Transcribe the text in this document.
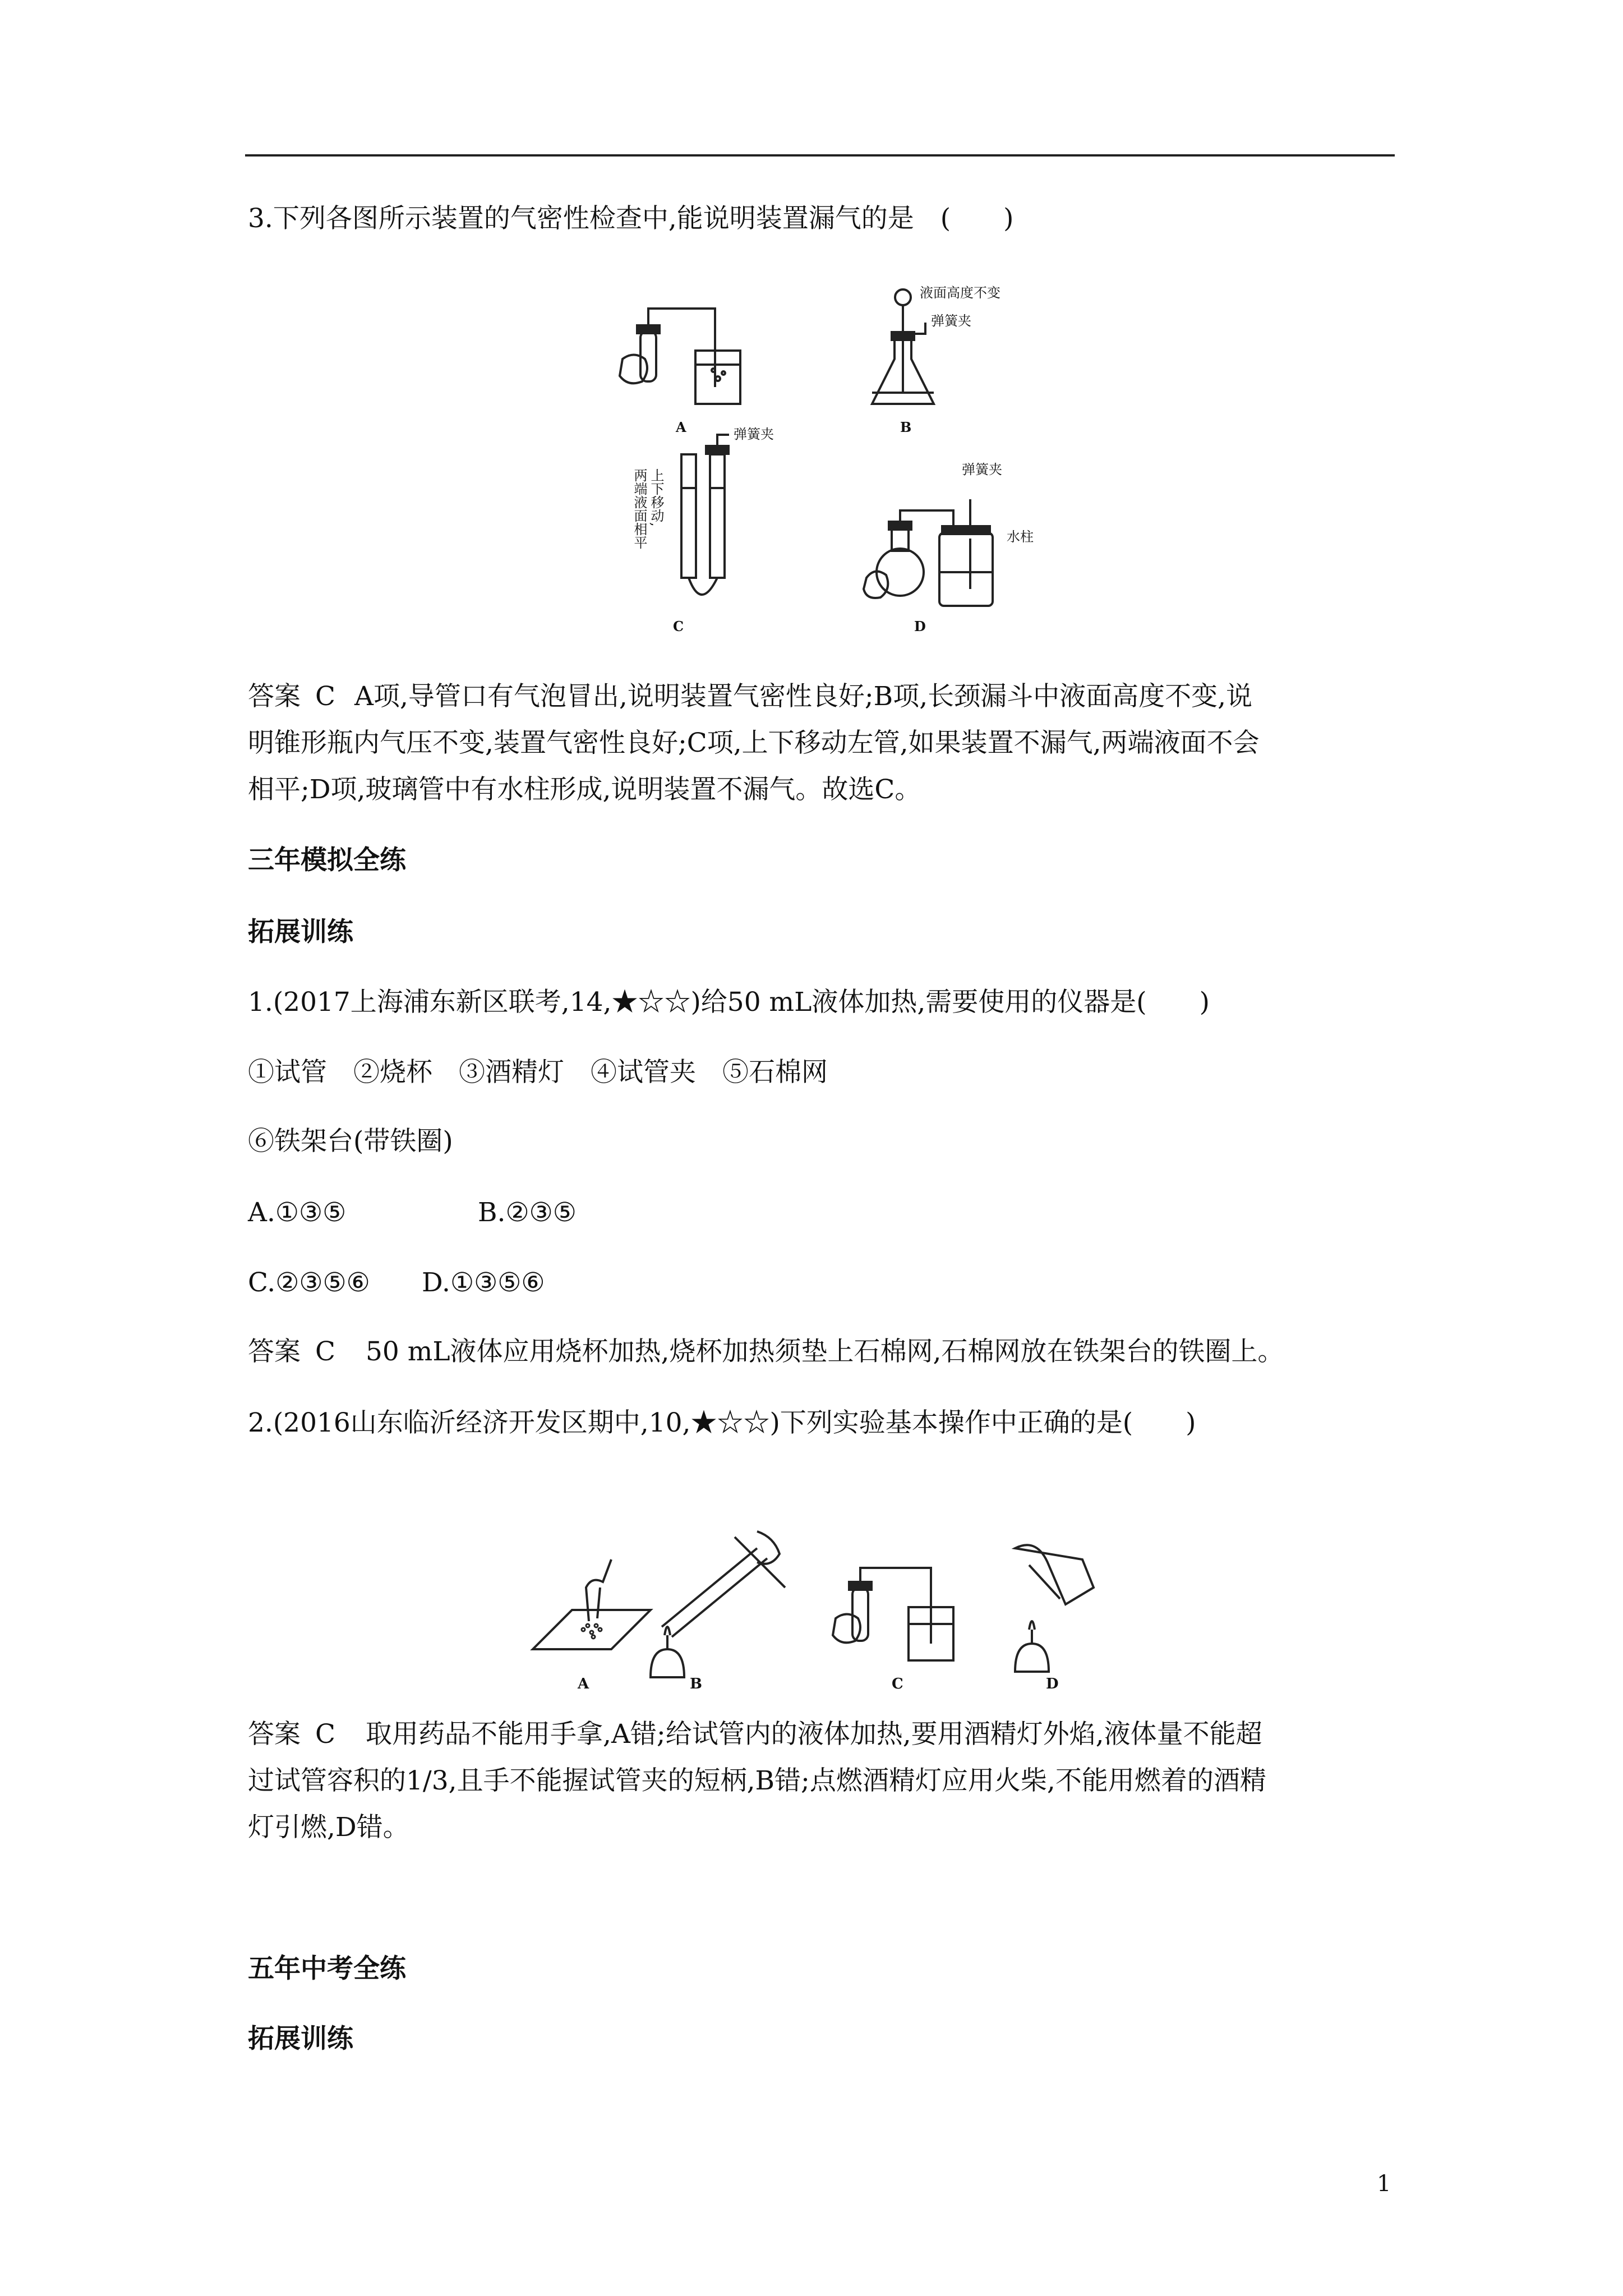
3.下列各图所示装置的气密性检查中,能说明装置漏气的是　(　　)
A	B
C	D
液面高度不变
弹簧夹
弹簧夹
上下移动,
两端液面相平	弹簧夹
水柱
答案 C A项,导管口有气泡冒出,说明装置气密性良好;B项,长颈漏斗中液面高度不变,说
明锥形瓶内气压不变,装置气密性良好;C项,上下移动左管,如果装置不漏气,两端液面不会
相平;D项,玻璃管中有水柱形成,说明装置不漏气。故选C。
三年模拟全练
拓展训练
1.(2017上海浦东新区联考,14,★☆☆)给50 mL液体加热,需要使用的仪器是(　　)
①试管　②烧杯　③酒精灯　④试管夹　⑤石棉网
⑥铁架台(带铁圈)
A.①③⑤	B.②③⑤
C.②③⑤⑥ D.①③⑤⑥
答案 C 50 mL液体应用烧杯加热,烧杯加热须垫上石棉网,石棉网放在铁架台的铁圈上。
2.(2016山东临沂经济开发区期中,10,★☆☆)下列实验基本操作中正确的是(　　)
A	B	C	D
答案 C 取用药品不能用手拿,A错;给试管内的液体加热,要用酒精灯外焰,液体量不能超
过试管容积的1/3,且手不能握试管夹的短柄,B错;点燃酒精灯应用火柴,不能用燃着的酒精
灯引燃,D错。
五年中考全练
拓展训练
1
